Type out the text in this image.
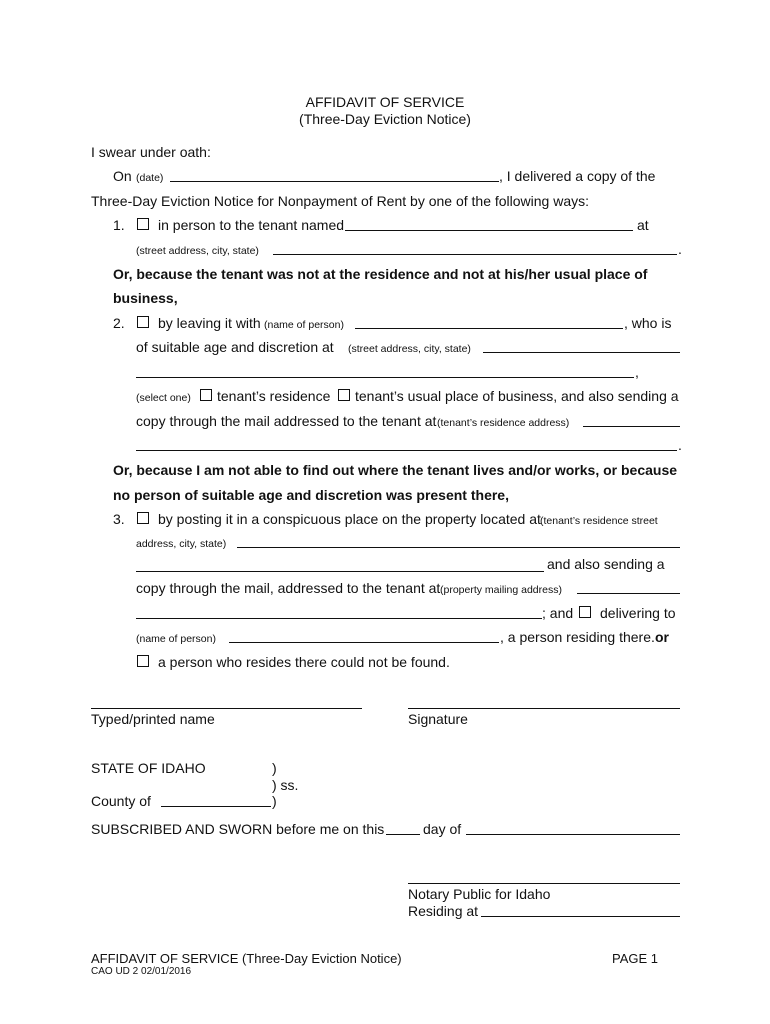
AFFIDAVIT OF SERVICE
(Three-Day Eviction Notice)
I swear under oath:
On (date)	, I delivered a copy of the
Three-Day Eviction Notice for Nonpayment of Rent by one of the following ways:
1. in person to the tenant named	at
(street address, city, state)	.
Or, because the tenant was not at the residence and not at his/her usual place of
business,
2. by leaving it with (name of person)	, who is
of suitable age and discretion at (street address, city, state)
,
(select one) tenant’s residence tenant’s usual place of business, and also sending a
copy through the mail addressed to the tenant at (tenant’s residence address)
.
Or, because I am not able to find out where the tenant lives and/or works, or because
no person of suitable age and discretion was present there,
3. by posting it in a conspicuous place on the property located at (tenant’s residence street
address, city, state)
and also sending a
copy through the mail, addressed to the tenant at (property mailing address)
; and delivering to
(name of person)	, a person residing there. or
a person who resides there could not be found.
Typed/printed name	Signature
STATE OF IDAHO	)
) ss.
County of	)
SUBSCRIBED AND SWORN before me on this	day of
Notary Public for Idaho
Residing at
AFFIDAVIT OF SERVICE (Three-Day Eviction Notice)
CAO UD 2 02/01/2016
PAGE 1
